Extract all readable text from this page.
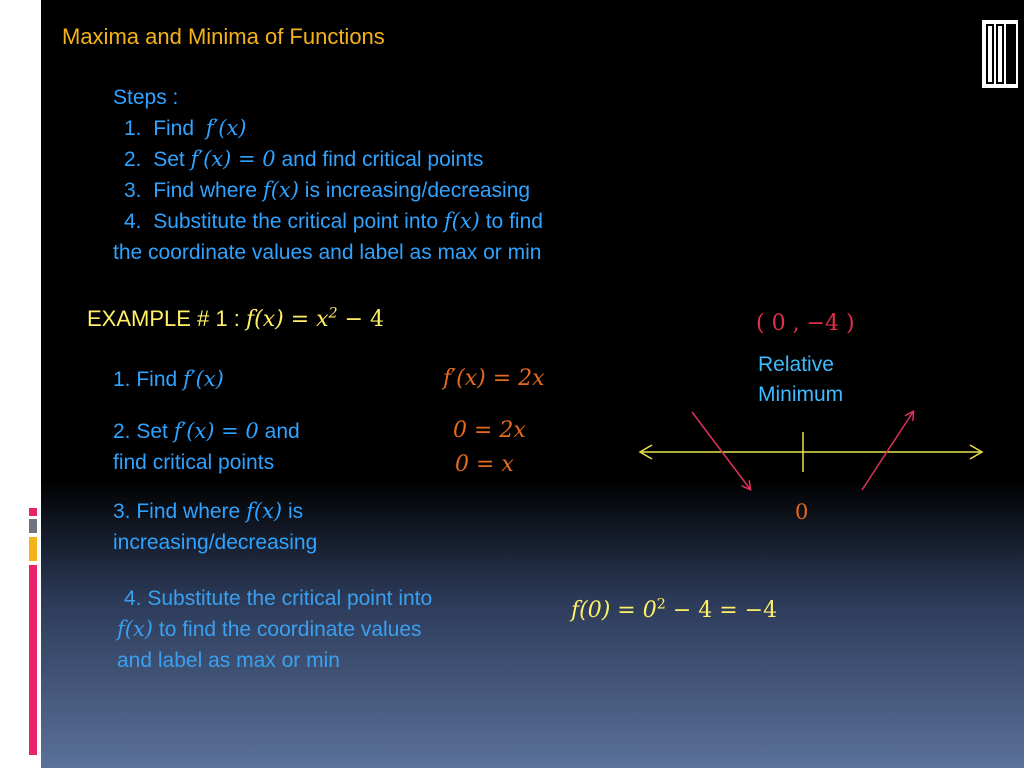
Maxima and Minima of Functions
Steps :
1. Find f′(x)
2. Set f′(x) = 0 and find critical points
3. Find where f(x) is increasing/decreasing
4. Substitute the critical point into f(x) to find
the coordinate values and label as max or min
EXAMPLE # 1 : $f(x) = x^2 - 4$
1. Find f′(x)	f′(x) = 2x
2. Set f′(x) = 0 and
find critical points
0 = 2x
0 = x
3. Find where f(x) is
increasing/decreasing
4. Substitute the critical point into
f(x) to find the coordinate values
and label as max or min
$f(0) = 0^2 - 4 = -4$
( 0 , −4 )
Relative
Minimum
0
